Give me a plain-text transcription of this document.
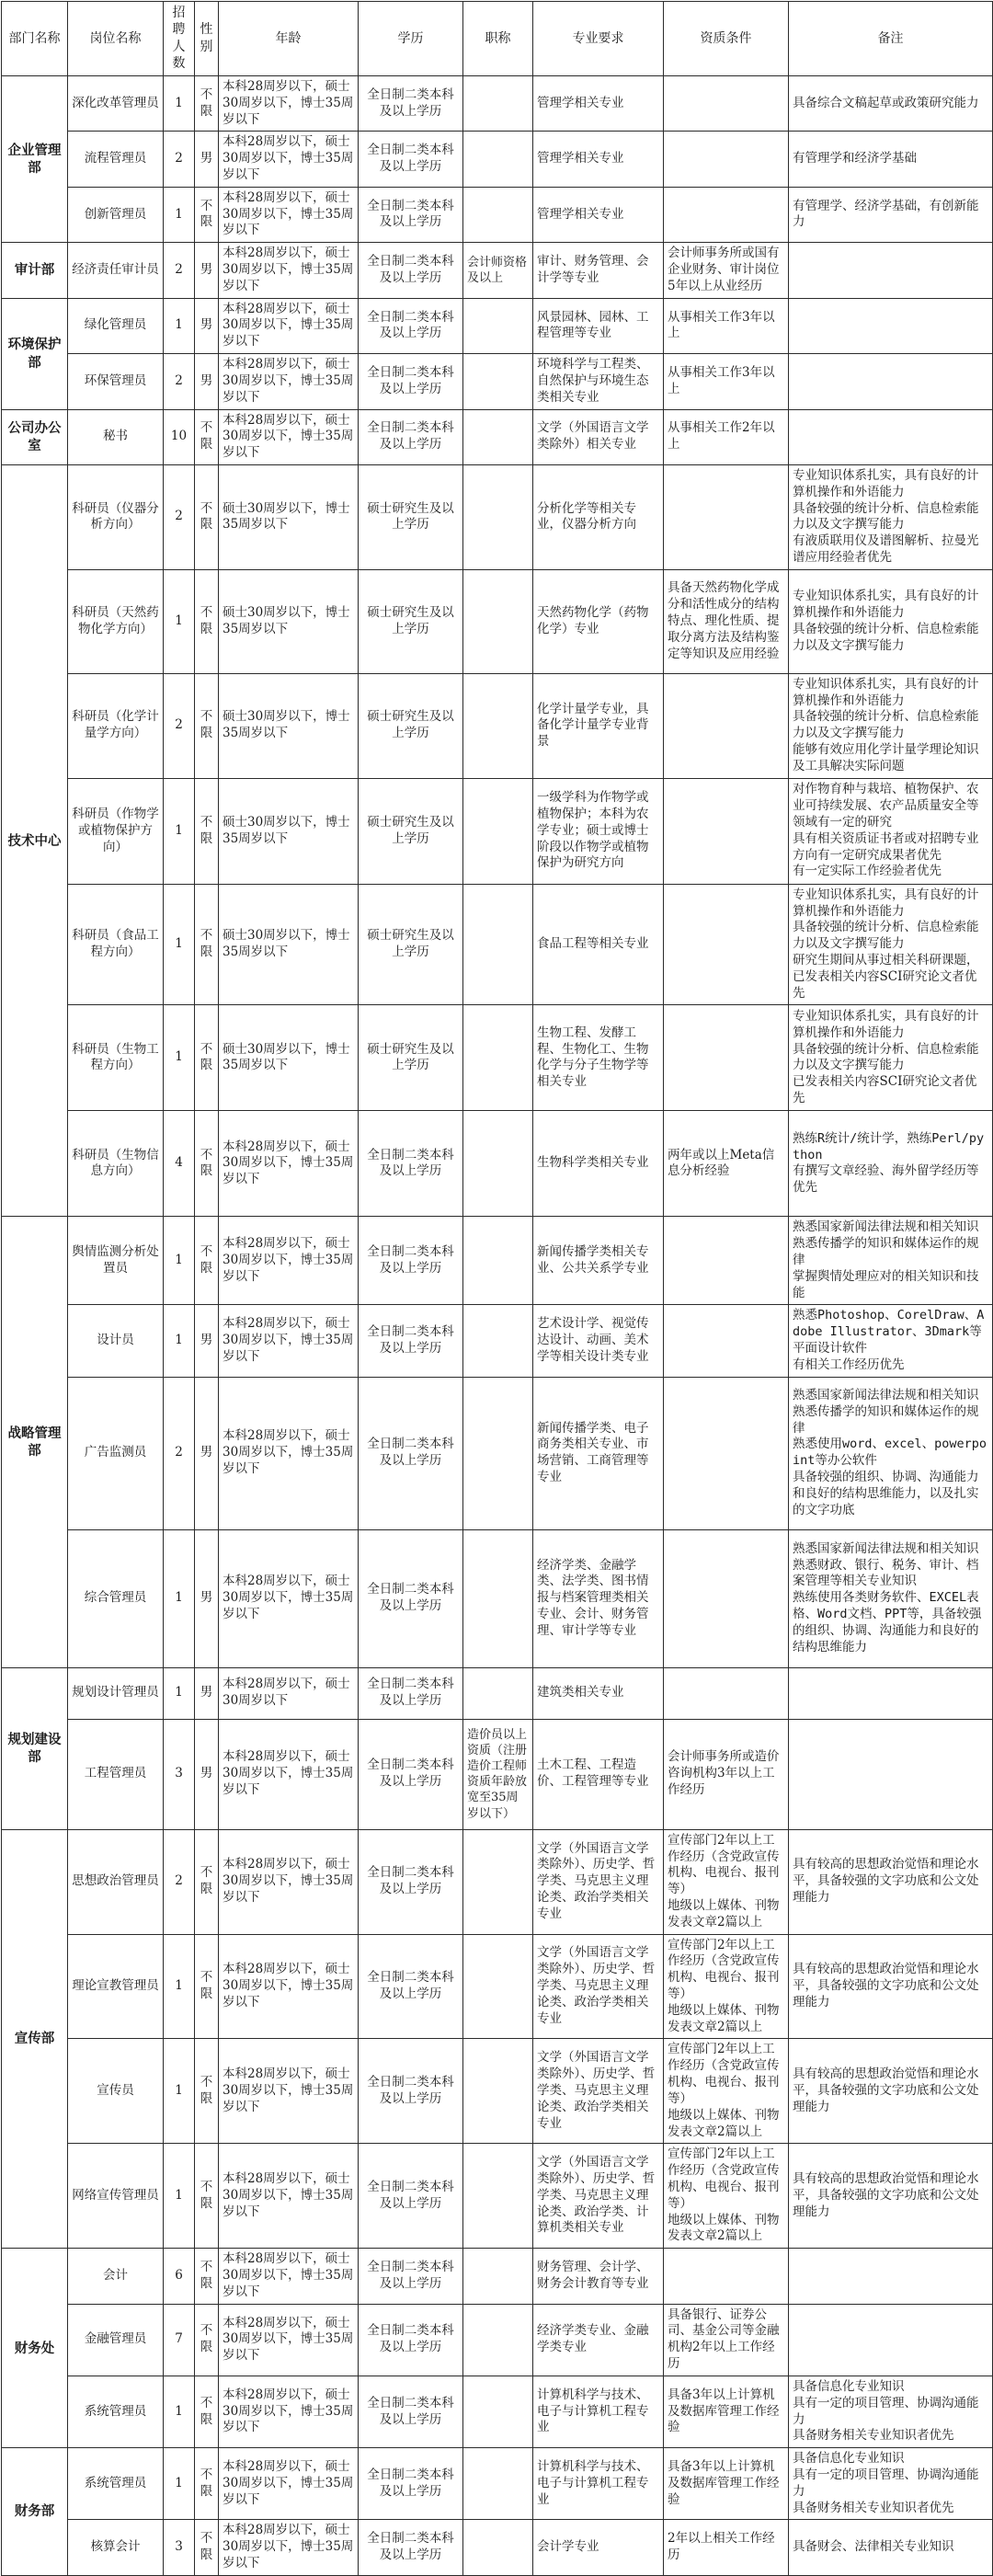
部门名称	岗位名称	招聘人数	性别	年龄	学历	职称	专业要求	资质条件	备注
企业管理部	深化改革管理员	1	不限	本科28周岁以下，硕士30周岁以下，博士35周岁以下	全日制二类本科及以上学历		管理学相关专业		具备综合文稿起草或政策研究能力
	流程管理员	2	男	本科28周岁以下，硕士30周岁以下，博士35周岁以下	全日制二类本科及以上学历		管理学相关专业		有管理学和经济学基础
	创新管理员	1	不限	本科28周岁以下，硕士30周岁以下，博士35周岁以下	全日制二类本科及以上学历		管理学相关专业		有管理学、经济学基础，有创新能力
审计部	经济责任审计员	2	男	本科28周岁以下，硕士30周岁以下，博士35周岁以下	全日制二类本科及以上学历	会计师资格及以上	审计、财务管理、会计学等专业	会计师事务所或国有企业财务、审计岗位5年以上从业经历	
环境保护部	绿化管理员	1	男	本科28周岁以下，硕士30周岁以下，博士35周岁以下	全日制二类本科及以上学历		风景园林、园林、工程管理等专业	从事相关工作3年以上	
	环保管理员	2	男	本科28周岁以下，硕士30周岁以下，博士35周岁以下	全日制二类本科及以上学历		环境科学与工程类、自然保护与环境生态类相关专业	从事相关工作3年以上	
公司办公室	秘书	10	不限	本科28周岁以下，硕士30周岁以下，博士35周岁以下	全日制二类本科及以上学历		文学（外国语言文学类除外）相关专业	从事相关工作2年以上	
技术中心	科研员（仪器分析方向）	2	不限	硕士30周岁以下，博士35周岁以下	硕士研究生及以上学历		分析化学等相关专业，仪器分析方向		专业知识体系扎实，具有良好的计算机操作和外语能力
具备较强的统计分析、信息检索能力以及文字撰写能力
有液质联用仪及谱图解析、拉曼光谱应用经验者优先

	科研员（天然药物化学方向）	1	不限	硕士30周岁以下，博士35周岁以下	硕士研究生及以上学历		天然药物化学（药物化学）专业	具备天然药物化学成分和活性成分的结构特点、理化性质、提取分离方法及结构鉴定等知识及应用经验	专业知识体系扎实，具有良好的计算机操作和外语能力
具备较强的统计分析、信息检索能力以及文字撰写能力

	科研员（化学计量学方向）	2	不限	硕士30周岁以下，博士35周岁以下	硕士研究生及以上学历		化学计量学专业，具备化学计量学专业背景		专业知识体系扎实，具有良好的计算机操作和外语能力
具备较强的统计分析、信息检索能力以及文字撰写能力
能够有效应用化学计量学理论知识及工具解决实际问题

	科研员（作物学或植物保护方向）	1	不限	硕士30周岁以下，博士35周岁以下	硕士研究生及以上学历		一级学科为作物学或植物保护；本科为农学专业；硕士或博士阶段以作物学或植物保护为研究方向		对作物育种与栽培、植物保护、农业可持续发展、农产品质量安全等领域有一定的研究
具有相关资质证书者或对招聘专业方向有一定研究成果者优先
有一定实际工作经验者优先

	科研员（食品工程方向）	1	不限	硕士30周岁以下，博士35周岁以下	硕士研究生及以上学历		食品工程等相关专业		专业知识体系扎实，具有良好的计算机操作和外语能力
具备较强的统计分析、信息检索能力以及文字撰写能力
研究生期间从事过相关科研课题，已发表相关内容SCI研究论文者优先

	科研员（生物工程方向）	1	不限	硕士30周岁以下，博士35周岁以下	硕士研究生及以上学历		生物工程、发酵工程、生物化工、生物化学与分子生物学等相关专业		专业知识体系扎实，具有良好的计算机操作和外语能力
具备较强的统计分析、信息检索能力以及文字撰写能力
已发表相关内容SCI研究论文者优先

	科研员（生物信息方向）	4	不限	本科28周岁以下，硕士30周岁以下，博士35周岁以下	全日制二类本科及以上学历		生物科学类相关专业	两年或以上Meta信息分析经验	熟练R统计/统计学，熟练Perl/python
有撰写文章经验、海外留学经历等优先

战略管理部	舆情监测分析处置员	1	不限	本科28周岁以下，硕士30周岁以下，博士35周岁以下	全日制二类本科及以上学历		新闻传播学类相关专业、公共关系学专业		熟悉国家新闻法律法规和相关知识
熟悉传播学的知识和媒体运作的规律
掌握舆情处理应对的相关知识和技能

	设计员	1	男	本科28周岁以下，硕士30周岁以下，博士35周岁以下	全日制二类本科及以上学历		艺术设计学、视觉传达设计、动画、美术学等相关设计类专业		熟悉Photoshop、CorelDraw、Adobe Illustrator、3Dmark等平面设计软件
有相关工作经历优先

	广告监测员	2	男	本科28周岁以下，硕士30周岁以下，博士35周岁以下	全日制二类本科及以上学历		新闻传播学类、电子商务类相关专业、市场营销、工商管理等专业		熟悉国家新闻法律法规和相关知识
熟悉传播学的知识和媒体运作的规律
熟悉使用word、excel、powerpoint等办公软件
具备较强的组织、协调、沟通能力和良好的结构思维能力，以及扎实的文字功底

	综合管理员	1	男	本科28周岁以下，硕士30周岁以下，博士35周岁以下	全日制二类本科及以上学历		经济学类、金融学类、法学类、图书情报与档案管理类相关专业、会计、财务管理、审计学等专业		熟悉国家新闻法律法规和相关知识
熟悉财政、银行、税务、审计、档案管理等相关专业知识
熟练使用各类财务软件、EXCEL表格、Word文档、PPT等，具备较强的组织、协调、沟通能力和良好的结构思维能力

规划建设部	规划设计管理员	1	男	本科28周岁以下，硕士30周岁以下	全日制二类本科及以上学历		建筑类相关专业		
	工程管理员	3	男	本科28周岁以下，硕士30周岁以下，博士35周岁以下	全日制二类本科及以上学历	造价员以上资质（注册造价工程师资质年龄放宽至35周岁以下）	土木工程、工程造价、工程管理等专业	会计师事务所或造价咨询机构3年以上工作经历	
宣传部	思想政治管理员	2	不限	本科28周岁以下，硕士30周岁以下，博士35周岁以下	全日制二类本科及以上学历		文学（外国语言文学类除外）、历史学、哲学类、马克思主义理论类、政治学类相关专业	宣传部门2年以上工作经历（含党政宣传机构、电视台、报刊等）
地级以上媒体、刊物发表文章2篇以上	具有较高的思想政治觉悟和理论水平，具备较强的文字功底和公文处理能力
	理论宣教管理员	1	不限	本科28周岁以下，硕士30周岁以下，博士35周岁以下	全日制二类本科及以上学历		文学（外国语言文学类除外）、历史学、哲学类、马克思主义理论类、政治学类相关专业	宣传部门2年以上工作经历（含党政宣传机构、电视台、报刊等）
地级以上媒体、刊物发表文章2篇以上	具有较高的思想政治觉悟和理论水平，具备较强的文字功底和公文处理能力
	宣传员	1	不限	本科28周岁以下，硕士30周岁以下，博士35周岁以下	全日制二类本科及以上学历		文学（外国语言文学类除外）、历史学、哲学类、马克思主义理论类、政治学类相关专业	宣传部门2年以上工作经历（含党政宣传机构、电视台、报刊等）
地级以上媒体、刊物发表文章2篇以上	具有较高的思想政治觉悟和理论水平，具备较强的文字功底和公文处理能力
	网络宣传管理员	1	不限	本科28周岁以下，硕士30周岁以下，博士35周岁以下	全日制二类本科及以上学历		文学（外国语言文学类除外）、历史学、哲学类、马克思主义理论类、政治学类、计算机类相关专业	宣传部门2年以上工作经历（含党政宣传机构、电视台、报刊等）
地级以上媒体、刊物发表文章2篇以上	具有较高的思想政治觉悟和理论水平，具备较强的文字功底和公文处理能力
财务处	会计	6	不限	本科28周岁以下，硕士30周岁以下，博士35周岁以下	全日制二类本科及以上学历		财务管理、会计学、财务会计教育等专业		
	金融管理员	7	不限	本科28周岁以下，硕士30周岁以下，博士35周岁以下	全日制二类本科及以上学历		经济学类专业、金融学类专业	具备银行、证券公司、基金公司等金融机构2年以上工作经历	
	系统管理员	1	不限	本科28周岁以下，硕士30周岁以下，博士35周岁以下	全日制二类本科及以上学历		计算机科学与技术、电子与计算机工程专业	具备3年以上计算机及数据库管理工作经验	具备信息化专业知识
具有一定的项目管理、协调沟通能力
具备财务相关专业知识者优先

财务部	系统管理员	1	不限	本科28周岁以下，硕士30周岁以下，博士35周岁以下	全日制二类本科及以上学历		计算机科学与技术、电子与计算机工程专业	具备3年以上计算机及数据库管理工作经验	具备信息化专业知识
具有一定的项目管理、协调沟通能力
具备财务相关专业知识者优先

	核算会计	3	不限	本科28周岁以下，硕士30周岁以下，博士35周岁以下	全日制二类本科及以上学历		会计学专业	2年以上相关工作经历	具备财会、法律相关专业知识
